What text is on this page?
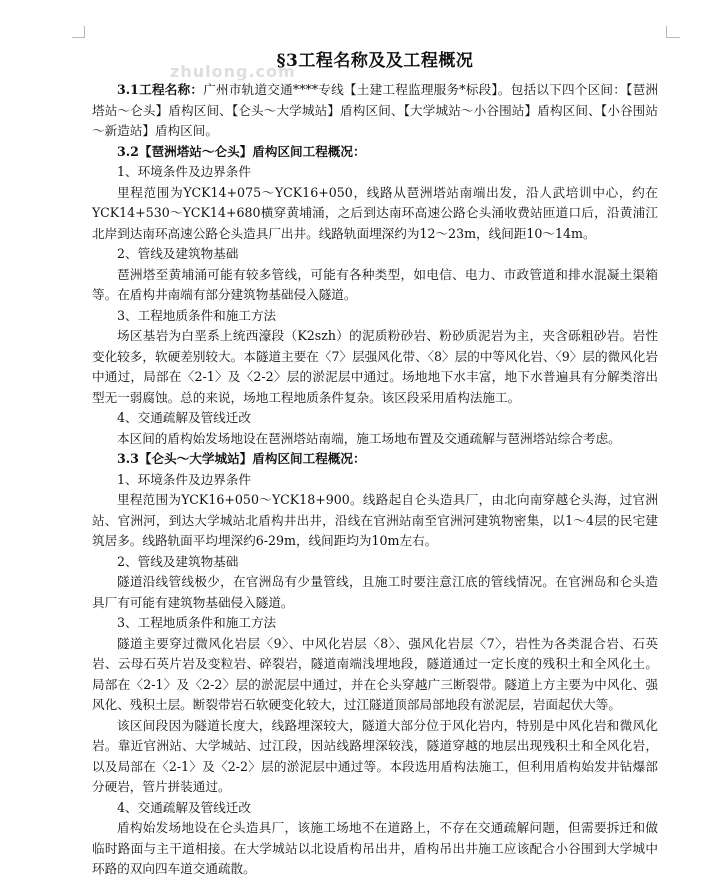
zhulong.com
§3工程名称及及工程概况

3.1工程名称：广州市轨道交通****专线【土建工程监理服务*标段】。包括以下四个区间：【琶洲塔站～仑头】盾构区间、【仑头～大学城站】盾构区间、【大学城站～小谷围站】盾构区间、【小谷围站～新造站】盾构区间。

3.2【琶洲塔站～仑头】盾构区间工程概况：

1、环境条件及边界条件

里程范围为YCK14+075～YCK16+050，线路从琶洲塔站南端出发，沿人武培训中心，约在YCK14+530～YCK14+680横穿黄埔涌，之后到达南环高速公路仑头涌收费站匝道口后，沿黄浦江北岸到达南环高速公路仑头造具厂出井。线路轨面埋深约为12～23m，线间距10～14m。

2、管线及建筑物基础

琶洲塔至黄埔涌可能有较多管线，可能有各种类型，如电信、电力、市政管道和排水混凝土渠箱等。在盾构井南端有部分建筑物基础侵入隧道。

3、工程地质条件和施工方法

场区基岩为白垩系上统西濠段（K2szh）的泥质粉砂岩、粉砂质泥岩为主，夹含砾粗砂岩。岩性变化较多，软硬差别较大。本隧道主要在〈7〉层强风化带、〈8〉层的中等风化岩、〈9〉层的微风化岩中通过，局部在〈2-1〉及〈2-2〉层的淤泥层中通过。场地地下水丰富，地下水普遍具有分解类溶出型无一弱腐蚀。总的来说，场地工程地质条件复杂。该区段采用盾构法施工。

4、交通疏解及管线迁改

本区间的盾构始发场地设在琶洲塔站南端，施工场地布置及交通疏解与琶洲塔站综合考虑。

3.3【仑头～大学城站】盾构区间工程概况：

1、环境条件及边界条件

里程范围为YCK16+050～YCK18+900。线路起自仑头造具厂，由北向南穿越仑头海，过官洲站、官洲河，到达大学城站北盾构井出井，沿线在官洲站南至官洲河建筑物密集，以1～4层的民宅建筑居多。线路轨面平均埋深约6-29m，线间距均为10m左右。

2、管线及建筑物基础

隧道沿线管线极少，在官洲岛有少量管线，且施工时要注意江底的管线情况。在官洲岛和仑头造具厂有可能有建筑物基础侵入隧道。

3、工程地质条件和施工方法

隧道主要穿过微风化岩层〈9〉、中风化岩层〈8〉、强风化岩层〈7〉，岩性为各类混合岩、石英岩、云母石英片岩及变粒岩、碎裂岩，隧道南端浅埋地段，隧道通过一定长度的残积土和全风化土。局部在〈2-1〉及〈2-2〉层的淤泥层中通过，并在仑头穿越广三断裂带。隧道上方主要为中风化、强风化、残积土层。断裂带岩石软硬变化较大，过江隧道顶部局部地段有淤泥层，岩面起伏大等。

该区间段因为隧道长度大，线路埋深较大，隧道大部分位于风化岩内，特别是中风化岩和微风化岩。靠近官洲站、大学城站、过江段，因站线路埋深较浅，隧道穿越的地层出现残积土和全风化岩，以及局部在〈2-1〉及〈2-2〉层的淤泥层中通过等。本段选用盾构法施工，但利用盾构始发井钻爆部分硬岩，管片拼装通过。

4、交通疏解及管线迁改

盾构始发场地设在仑头造具厂，该施工场地不在道路上，不存在交通疏解问题，但需要拆迁和做临时路面与主干道相接。在大学城站以北设盾构吊出井，盾构吊出井施工应该配合小谷围到大学城中环路的双向四车道交通疏散。
